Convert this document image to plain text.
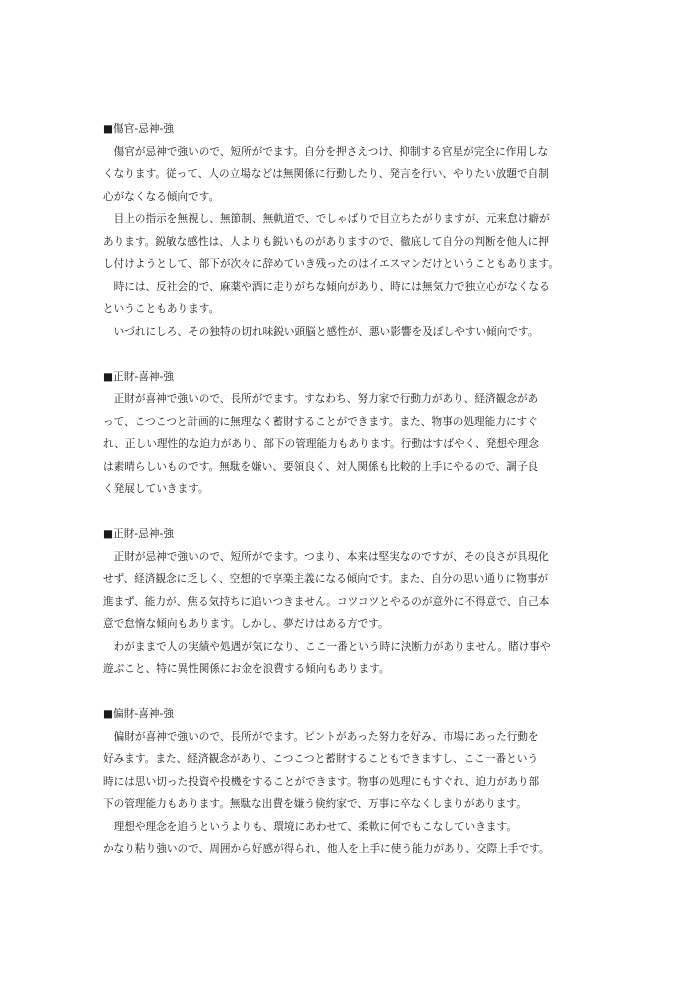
■傷官-忌神-強
傷官が忌神で強いので、短所がでます。自分を押さえつけ、抑制する官星が完全に作用しな
くなります。従って、人の立場などは無関係に行動したり、発言を行い、やりたい放題で自制
心がなくなる傾向です。
目上の指示を無視し、無節制、無軌道で、でしゃばりで目立ちたがりますが、元来怠け癖が
あります。鋭敏な感性は、人よりも鋭いものがありますので、徹底して自分の判断を他人に押
し付けようとして、部下が次々に辞めていき残ったのはイエスマンだけということもあります。
時には、反社会的で、麻薬や酒に走りがちな傾向があり、時には無気力で独立心がなくなる
ということもあります。
いづれにしろ、その独特の切れ味鋭い頭脳と感性が、悪い影響を及ぼしやすい傾向です。
■正財-喜神-強
正財が喜神で強いので、長所がでます。すなわち、努力家で行動力があり、経済観念があ
って、こつこつと計画的に無理なく蓄財することができます。また、物事の処理能力にすぐ
れ、正しい理性的な迫力があり、部下の管理能力もあります。行動はすばやく、発想や理念
は素晴らしいものです。無駄を嫌い、要領良く、対人関係も比較的上手にやるので、調子良
く発展していきます。
■正財-忌神-強
正財が忌神で強いので、短所がでます。つまり、本来は堅実なのですが、その良さが具現化
せず、経済観念に乏しく、空想的で享楽主義になる傾向です。また、自分の思い通りに物事が
進まず、能力が、焦る気持ちに追いつきません。コツコツとやるのが意外に不得意で、自己本
意で怠惰な傾向もあります。しかし、夢だけはある方です。
わがままで人の実績や処遇が気になり、ここ一番という時に決断力がありません。賭け事や
遊ぶこと、特に異性関係にお金を浪費する傾向もあります。
■偏財-喜神-強
偏財が喜神で強いので、長所がでます。ピントがあった努力を好み、市場にあった行動を
好みます。また、経済観念があり、こつこつと蓄財することもできますし、ここ一番という
時には思い切った投資や投機をすることができます。物事の処理にもすぐれ、迫力があり部
下の管理能力もあります。無駄な出費を嫌う倹約家で、万事に卒なくしまりがあります。
理想や理念を追うというよりも、環境にあわせて、柔軟に何でもこなしていきます。
かなり粘り強いので、周囲から好感が得られ、他人を上手に使う能力があり、交際上手です。
